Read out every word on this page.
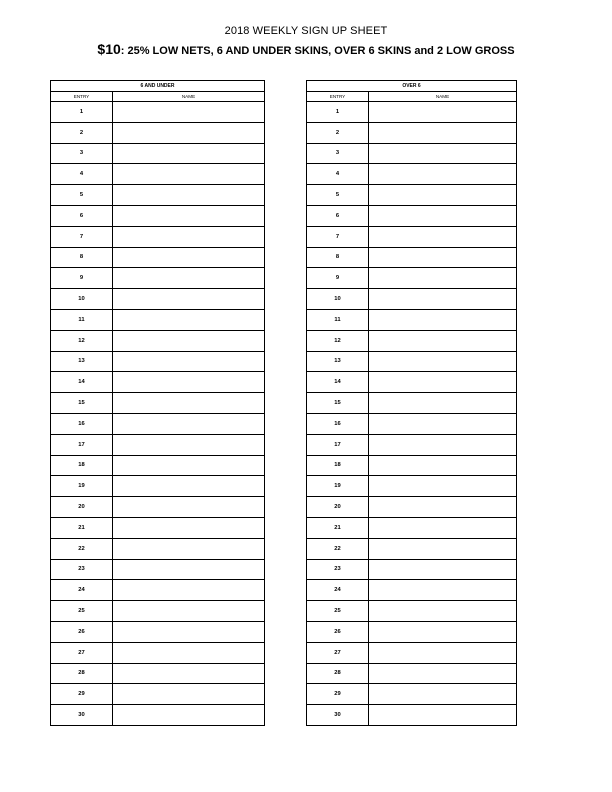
2018 WEEKLY SIGN UP SHEET
$10: 25% LOW NETS, 6 AND UNDER SKINS, OVER 6 SKINS and 2 LOW GROSS
6 AND UNDER	
ENTRY	NAME
1	
2	
3	
4	
5	
6	
7	
8	
9	
10	
11	
12	
13	
14	
15	
16	
17	
18	
19	
20	
21	
22	
23	
24	
25	
26	
27	
28	
29	
30	
OVER 6	
ENTRY	NAME
1	
2	
3	
4	
5	
6	
7	
8	
9	
10	
11	
12	
13	
14	
15	
16	
17	
18	
19	
20	
21	
22	
23	
24	
25	
26	
27	
28	
29	
30	
